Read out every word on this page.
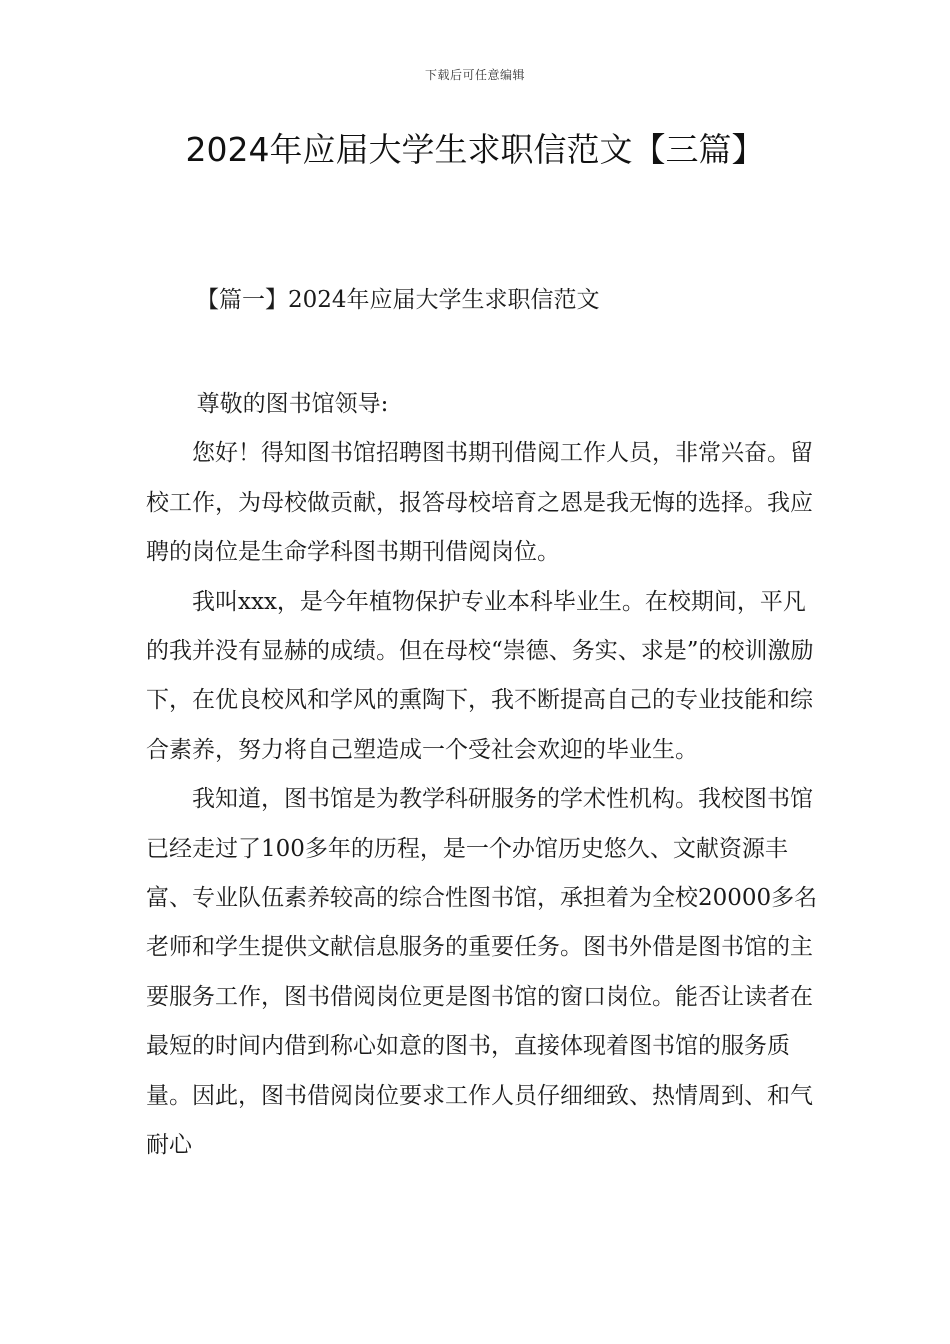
下载后可任意编辑
2024年应届大学生求职信范文【三篇】
【篇一】2024年应届大学生求职信范文

尊敬的图书馆领导:

您好！得知图书馆招聘图书期刊借阅工作人员，非常兴奋。留校工作，为母校做贡献，报答母校培育之恩是我无悔的选择。我应聘的岗位是生命学科图书期刊借阅岗位。

我叫xxx，是今年植物保护专业本科毕业生。在校期间，平凡的我并没有显赫的成绩。但在母校“崇德、务实、求是”的校训激励下，在优良校风和学风的熏陶下，我不断提高自己的专业技能和综合素养，努力将自己塑造成一个受社会欢迎的毕业生。

我知道，图书馆是为教学科研服务的学术性机构。我校图书馆已经走过了100多年的历程，是一个办馆历史悠久、文献资源丰富、专业队伍素养较高的综合性图书馆，承担着为全校20000多名老师和学生提供文献信息服务的重要任务。图书外借是图书馆的主要服务工作，图书借阅岗位更是图书馆的窗口岗位。能否让读者在最短的时间内借到称心如意的图书，直接体现着图书馆的服务质量。因此，图书借阅岗位要求工作人员仔细细致、热情周到、和气耐心
